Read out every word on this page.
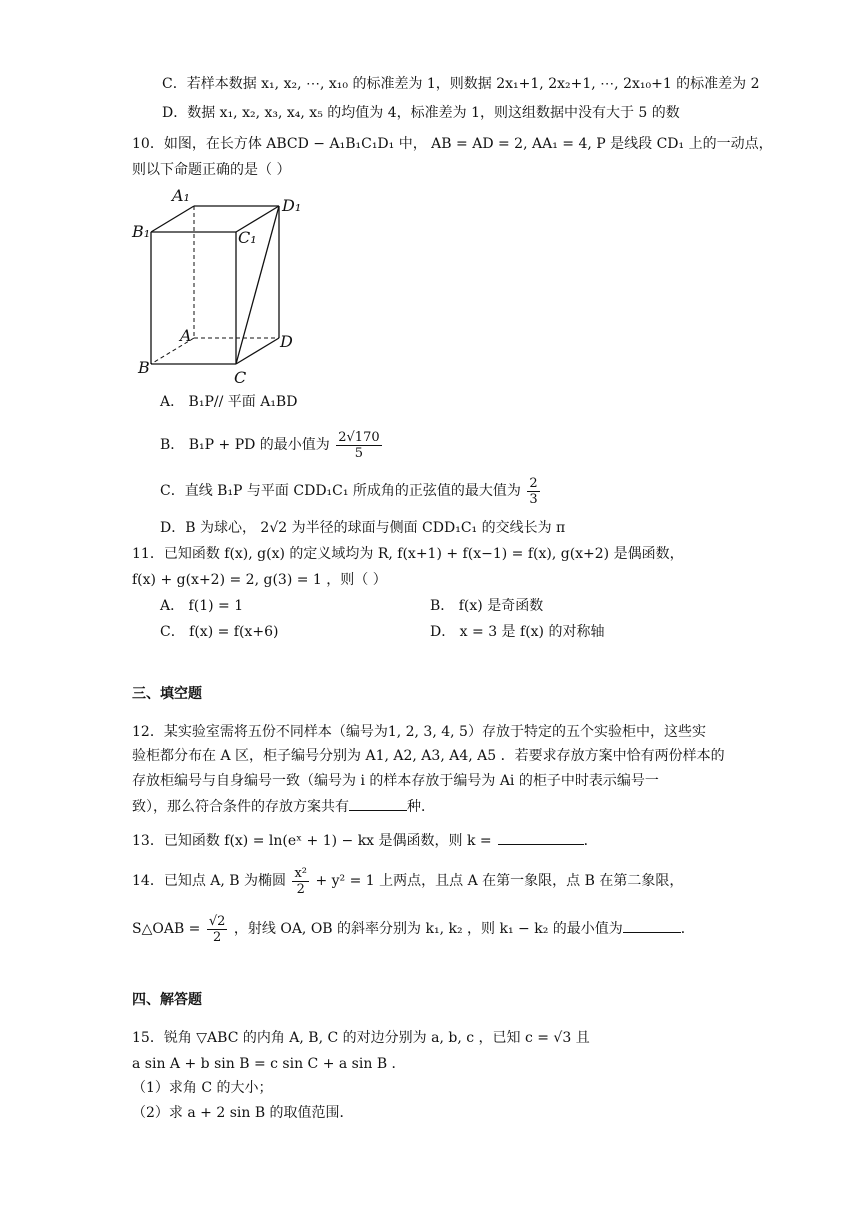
C．若样本数据 x₁, x₂, ⋯, x₁₀ 的标准差为 1，则数据 2x₁+1, 2x₂+1, ⋯, 2x₁₀+1 的标准差为 2
D．数据 x₁, x₂, x₃, x₄, x₅ 的均值为 4，标准差为 1，则这组数据中没有大于 5 的数
10．如图，在长方体 ABCD − A₁B₁C₁D₁ 中， AB = AD = 2, AA₁ = 4, P 是线段 CD₁ 上的一动点，
则以下命题正确的是（ ）
A₁
B₁	C₁
D₁
A
B
C
D
A． B₁P// 平面 A₁BD
B． B₁P + PD 的最小值为 $\frac{2√170}{5}$
C．直线 B₁P 与平面 CDD₁C₁ 所成角的正弦值的最大值为 $\frac{2}{3}$
D．B 为球心， 2√2 为半径的球面与侧面 CDD₁C₁ 的交线长为 π
11．已知函数 f(x), g(x) 的定义域均为 R, f(x+1) + f(x−1) = f(x), g(x+2) 是偶函数，
f(x) + g(x+2) = 2, g(3) = 1 ，则（ ）
A． f(1) = 1	B． f(x) 是奇函数
C． f(x) = f(x+6)	D． x = 3 是 f(x) 的对称轴
三、填空题
12．某实验室需将五份不同样本（编号为1, 2, 3, 4, 5）存放于特定的五个实验柜中，这些实
验柜都分布在 A 区，柜子编号分别为 A1, A2, A3, A4, A5 ．若要求存放方案中恰有两份样本的
存放柜编号与自身编号一致（编号为 i 的样本存放于编号为 Ai 的柜子中时表示编号一
致），那么符合条件的存放方案共有	种．
13．已知函数 f(x) = ln(eˣ + 1) − kx 是偶函数，则 k =	．
14．已知点 A, B 为椭圆 $\frac{\text{x²}}{2} + y^2 = 1$ 上两点，且点 A 在第一象限，点 B 在第二象限，
S△OAB = $\frac{√2}{2}$ ，射线 OA, OB 的斜率分别为 k₁, k₂ ，则 k₁ − k₂ 的最小值为	．
四、解答题
15．锐角 ▽ABC 的内角 A, B, C 的对边分别为 a, b, c ，已知 c = √3 且
a sin A + b sin B = c sin C + a sin B ．
（1）求角 C 的大小；
（2）求 a + 2 sin B 的取值范围．
